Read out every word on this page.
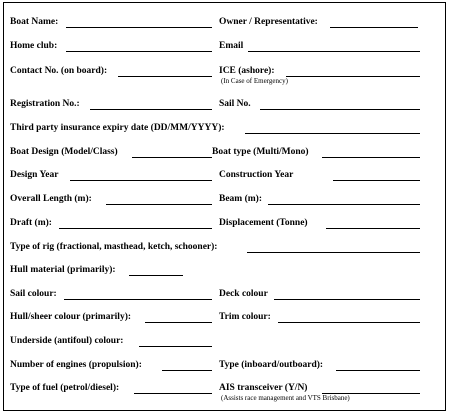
Boat Name:	Owner / Representative:
Home club:	Email
Contact No. (on board):	ICE (ashore):
(In Case of Emergency)
Registration No.:	Sail No.
Third party insurance expiry date (DD/MM/YYYY):
Boat Design (Model/Class)	Boat type (Multi/Mono)
Design Year	Construction Year
Overall Length (m):	Beam (m):
Draft (m):	Displacement (Tonne)
Type of rig (fractional, masthead, ketch, schooner):
Hull material (primarily):
Sail colour:	Deck colour
Hull/sheer colour (primarily):	Trim colour:
Underside (antifoul) colour:
Number of engines (propulsion):	Type (inboard/outboard):
Type of fuel (petrol/diesel):	AIS transceiver (Y/N)
(Assists race management and VTS Brisbane)
